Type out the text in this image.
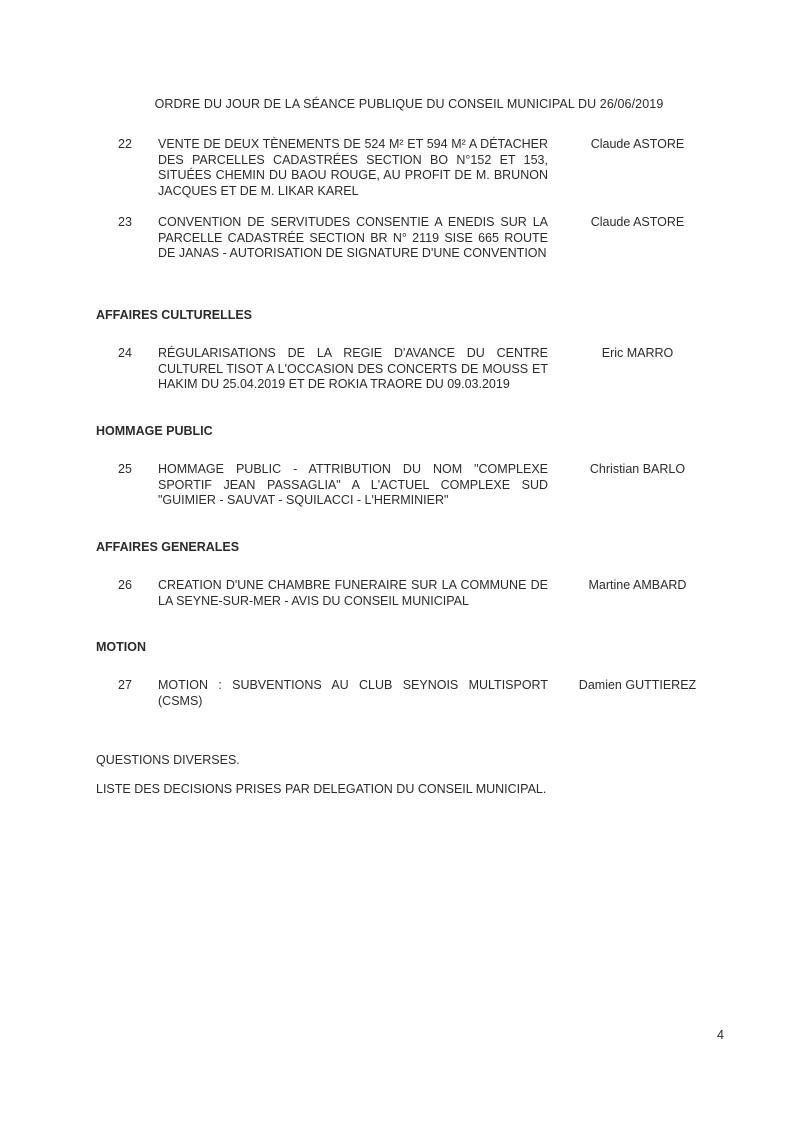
ORDRE DU JOUR DE LA SÉANCE PUBLIQUE DU CONSEIL MUNICIPAL DU 26/06/2019
22 VENTE DE DEUX TÈNEMENTS DE 524 M² ET 594 M² A DÉTACHER DES PARCELLES CADASTRÉES SECTION BO N°152 ET 153, SITUÉES CHEMIN DU BAOU ROUGE, AU PROFIT DE M. BRUNON JACQUES ET DE M. LIKAR KAREL
Claude ASTORE
23 CONVENTION DE SERVITUDES CONSENTIE A ENEDIS SUR LA PARCELLE CADASTRÉE SECTION BR N° 2119 SISE 665 ROUTE DE JANAS - AUTORISATION DE SIGNATURE D'UNE CONVENTION
Claude ASTORE
AFFAIRES CULTURELLES
24 RÉGULARISATIONS DE LA REGIE D'AVANCE DU CENTRE CULTUREL TISOT A L'OCCASION DES CONCERTS DE MOUSS ET HAKIM DU 25.04.2019 ET DE ROKIA TRAORE DU 09.03.2019
Eric MARRO
HOMMAGE PUBLIC
25 HOMMAGE PUBLIC - ATTRIBUTION DU NOM "COMPLEXE SPORTIF JEAN PASSAGLIA" A L'ACTUEL COMPLEXE SUD "GUIMIER - SAUVAT - SQUILACCI - L'HERMINIER"
Christian BARLO
AFFAIRES GENERALES
26 CREATION D'UNE CHAMBRE FUNERAIRE SUR LA COMMUNE DE LA SEYNE-SUR-MER - AVIS DU CONSEIL MUNICIPAL
Martine AMBARD
MOTION
27 MOTION : SUBVENTIONS AU CLUB SEYNOIS MULTISPORT (CSMS)
Damien GUTTIEREZ
QUESTIONS DIVERSES.
LISTE DES DECISIONS PRISES PAR DELEGATION DU CONSEIL MUNICIPAL.
4
